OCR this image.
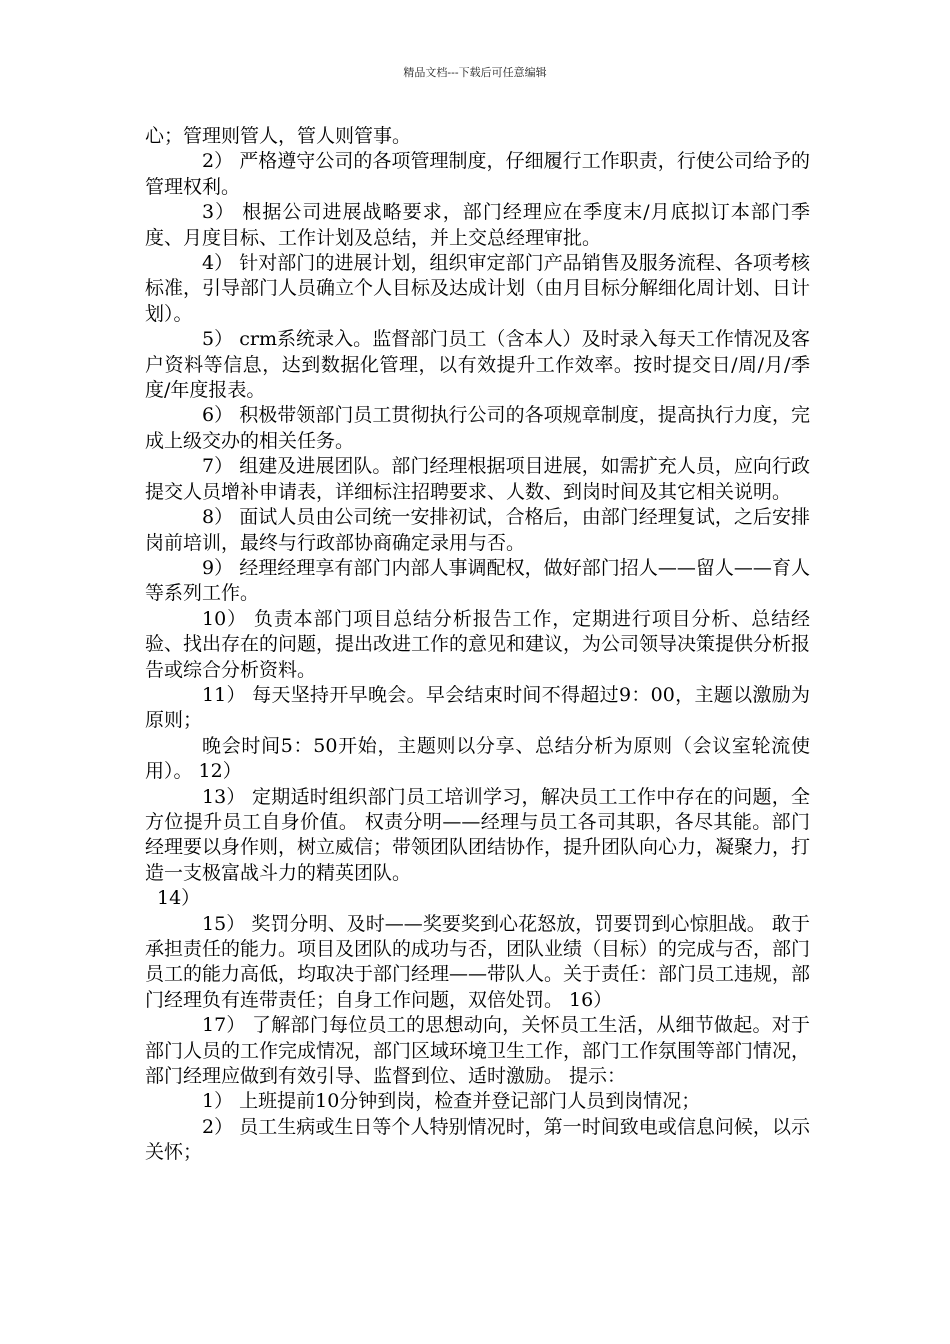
精品文档---下载后可任意编辑

心；管理则管人，管人则管事。

2） 严格遵守公司的各项管理制度，仔细履行工作职责，行使公司给予的管理权利。

3） 根据公司进展战略要求，部门经理应在季度末/月底拟订本部门季度、月度目标、工作计划及总结，并上交总经理审批。

4） 针对部门的进展计划，组织审定部门产品销售及服务流程、各项考核标准，引导部门人员确立个人目标及达成计划（由月目标分解细化周计划、日计划）。

5） crm系统录入。监督部门员工（含本人）及时录入每天工作情况及客户资料等信息，达到数据化管理，以有效提升工作效率。按时提交日/周/月/季度/年度报表。

6） 积极带领部门员工贯彻执行公司的各项规章制度，提高执行力度，完成上级交办的相关任务。

7） 组建及进展团队。部门经理根据项目进展，如需扩充人员，应向行政提交人员增补申请表，详细标注招聘要求、人数、到岗时间及其它相关说明。

8） 面试人员由公司统一安排初试，合格后，由部门经理复试，之后安排岗前培训，最终与行政部协商确定录用与否。

9） 经理经理享有部门内部人事调配权，做好部门招人——留人——育人等系列工作。

10） 负责本部门项目总结分析报告工作，定期进行项目分析、总结经验、找出存在的问题，提出改进工作的意见和建议，为公司领导决策提供分析报告或综合分析资料。

11） 每天坚持开早晚会。早会结束时间不得超过9：00，主题以激励为原则；

晚会时间5：50开始，主题则以分享、总结分析为原则（会议室轮流使用）。 12）

13） 定期适时组织部门员工培训学习，解决员工工作中存在的问题，全方位提升员工自身价值。 权责分明——经理与员工各司其职，各尽其能。部门经理要以身作则，树立威信；带领团队团结协作，提升团队向心力，凝聚力，打造一支极富战斗力的精英团队。

14）

15） 奖罚分明、及时——奖要奖到心花怒放，罚要罚到心惊胆战。 敢于承担责任的能力。项目及团队的成功与否，团队业绩（目标）的完成与否，部门员工的能力高低，均取决于部门经理——带队人。关于责任：部门员工违规，部门经理负有连带责任；自身工作问题，双倍处罚。 16）

17） 了解部门每位员工的思想动向，关怀员工生活，从细节做起。对于部门人员的工作完成情况，部门区域环境卫生工作，部门工作氛围等部门情况，部门经理应做到有效引导、监督到位、适时激励。 提示：

1） 上班提前10分钟到岗，检查并登记部门人员到岗情况；

2） 员工生病或生日等个人特别情况时，第一时间致电或信息问候，以示关怀；
